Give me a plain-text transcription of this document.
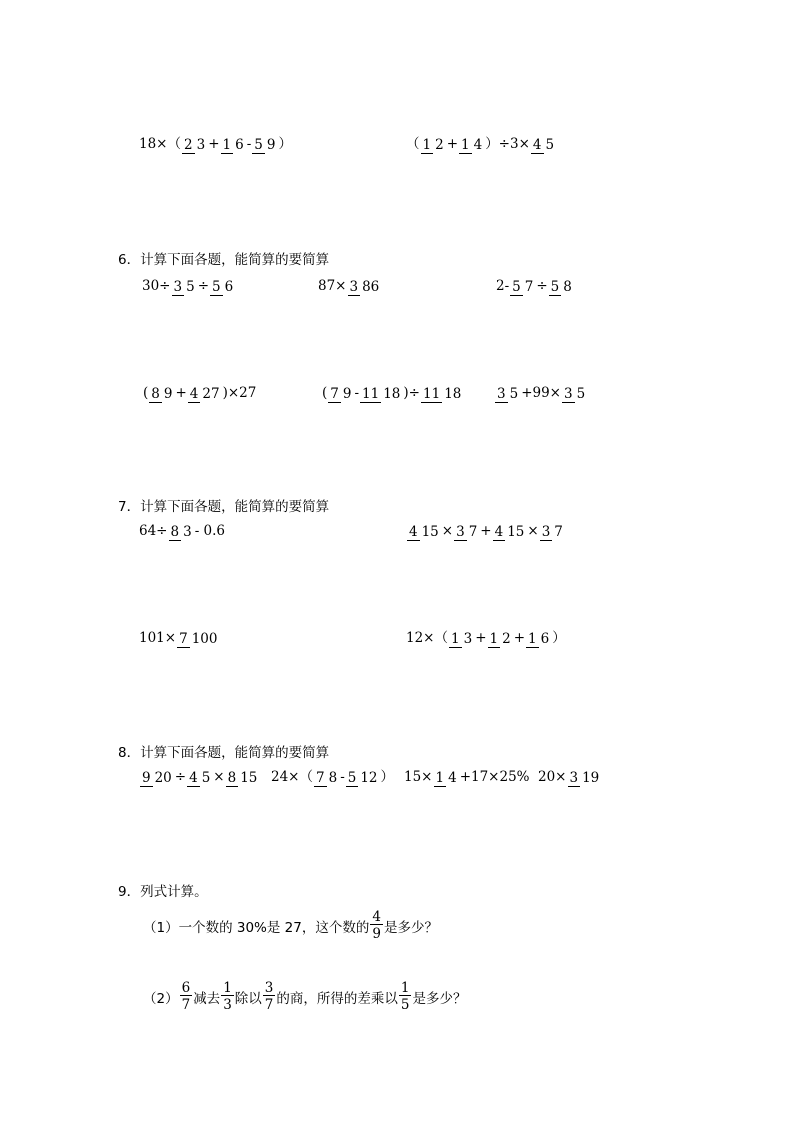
18×（ 2 3 + 1 6 - 5 9 ）	（ 1 2 + 1 4 ）÷3× 4 5
6．计算下面各题，能简算的要简算
30÷ 3 5 ÷ 5 6	87× 3 86	2- 5 7 ÷ 5 8
( 8 9 + 4 27 )×27	( 7 9 - 11 18 )÷ 11 18	3 5 +99× 3 5
7．计算下面各题，能简算的要简算
64÷ 8 3 - 0.6	4 15 × 3 7 + 4 15 × 3 7
101× 7 100	12×（ 1 3 + 1 2 + 1 6 ）
8．计算下面各题，能简算的要简算
9 20 ÷ 4 5 × 8 15 24×（ 7 8 - 5 12 ） 15× 1 4 +17×25% 20× 3 19
9．列式计算。
（1）一个数的 30%是 27，这个数的 $\frac{4}{9}$ 是多少？
$(2) \frac{6}{7}$ 减去 $\frac{1}{3}$ 除以 $\frac{3}{7}$ 的商，所得的差乘以 $\frac{1}{5}$ 是多少？
